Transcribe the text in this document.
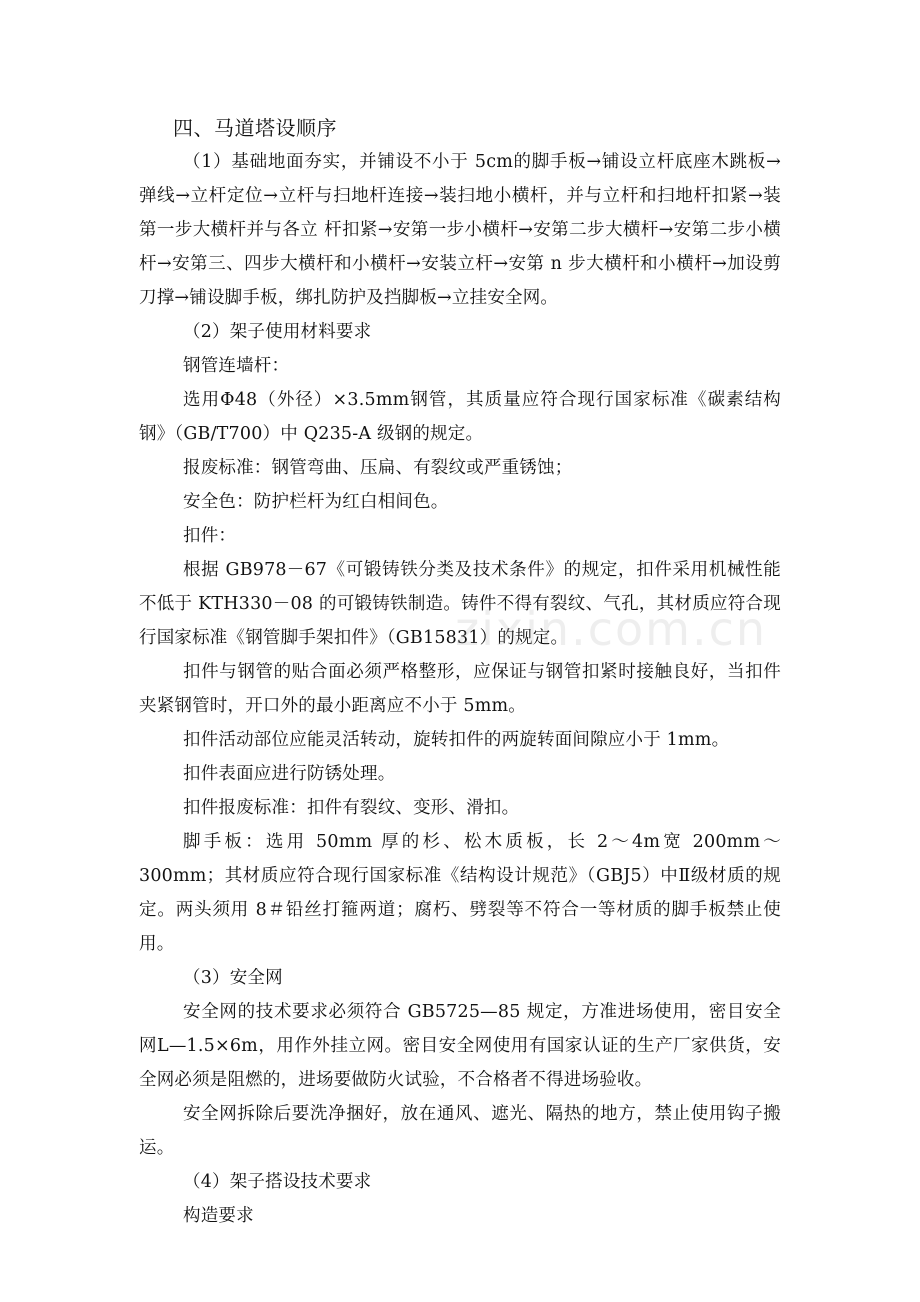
四、马道塔设顺序

（1）基础地面夯实，并铺设不小于 5cm的脚手板→铺设立杆底座木跳板→弹线→立杆定位→立杆与扫地杆连接→装扫地小横杆，并与立杆和扫地杆扣紧→装第一步大横杆并与各立 杆扣紧→安第一步小横杆→安第二步大横杆→安第二步小横杆→安第三、四步大横杆和小横杆→安装立杆→安第 n 步大横杆和小横杆→加设剪刀撑→铺设脚手板，绑扎防护及挡脚板→立挂安全网。

（2）架子使用材料要求

钢管连墙杆：

选用Φ48（外径）×3.5mm钢管，其质量应符合现行国家标准《碳素结构钢》（GB/T700）中 Q235-A 级钢的规定。

报废标准：钢管弯曲、压扁、有裂纹或严重锈蚀；

安全色：防护栏杆为红白相间色。

扣件：

根据 GB978－67《可锻铸铁分类及技术条件》的规定，扣件采用机械性能不低于 KTH330－08 的可锻铸铁制造。铸件不得有裂纹、气孔，其材质应符合现行国家标准《钢管脚手架扣件》（GB15831）的规定。

扣件与钢管的贴合面必须严格整形，应保证与钢管扣紧时接触良好，当扣件夹紧钢管时，开口外的最小距离应不小于 5mm。

扣件活动部位应能灵活转动，旋转扣件的两旋转面间隙应小于 1mm。

扣件表面应进行防锈处理。

扣件报废标准：扣件有裂纹、变形、滑扣。

脚手板：选用 50mm 厚的杉、松木质板，长 2～4m宽 200mm～300mm；其材质应符合现行国家标准《结构设计规范》（GBJ5）中Ⅱ级材质的规定。两头须用 8＃铅丝打箍两道；腐朽、劈裂等不符合一等材质的脚手板禁止使用。

（3）安全网

安全网的技术要求必须符合 GB5725—85 规定，方准进场使用，密目安全网L—1.5×6m，用作外挂立网。密目安全网使用有国家认证的生产厂家供货，安全网必须是阻燃的，进场要做防火试验，不合格者不得进场验收。

安全网拆除后要洗净捆好，放在通风、遮光、隔热的地方，禁止使用钩子搬运。

（4）架子搭设技术要求

构造要求

zixin.com.cn
